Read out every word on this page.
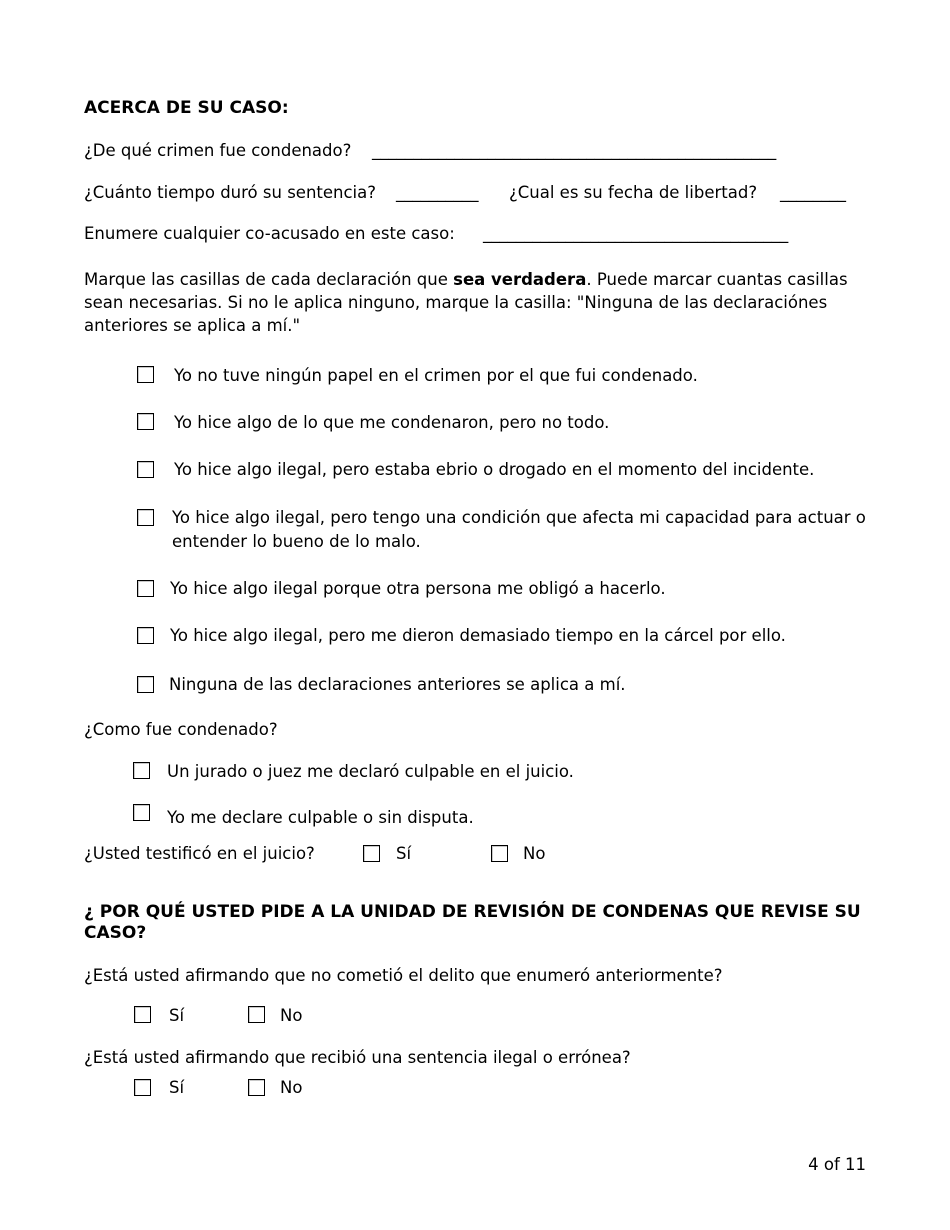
ACERCA DE SU CASO:
¿De qué crimen fue condenado? _________________________________________________
¿Cuánto tiempo duró su sentencia? __________ ¿Cual es su fecha de libertad? ________
Enumere cualquier co-acusado en este caso: _____________________________________
Marque las casillas de cada declaración que sea verdadera. Puede marcar cuantas casillas sean necesarias. Si no le aplica ninguno, marque la casilla: "Ninguna de las declaraciónes anteriores se aplica a mí."
Yo no tuve ningún papel en el crimen por el que fui condenado.
Yo hice algo de lo que me condenaron, pero no todo.
Yo hice algo ilegal, pero estaba ebrio o drogado en el momento del incidente.
Yo hice algo ilegal, pero tengo una condición que afecta mi capacidad para actuar o entender lo bueno de lo malo.
Yo hice algo ilegal porque otra persona me obligó a hacerlo.
Yo hice algo ilegal, pero me dieron demasiado tiempo en la cárcel por ello.
Ninguna de las declaraciones anteriores se aplica a mí.
¿Como fue condenado?
Un jurado o juez me declaró culpable en el juicio.
Yo me declare culpable o sin disputa.
¿Usted testificó en el juicio?	Sí	No
¿ POR QUÉ USTED PIDE A LA UNIDAD DE REVISIÓN DE CONDENAS QUE REVISE SU CASO?
¿Está usted afirmando que no cometió el delito que enumeró anteriormente?
Sí	No
¿Está usted afirmando que recibió una sentencia ilegal o errónea?
Sí	No
4 of 11
